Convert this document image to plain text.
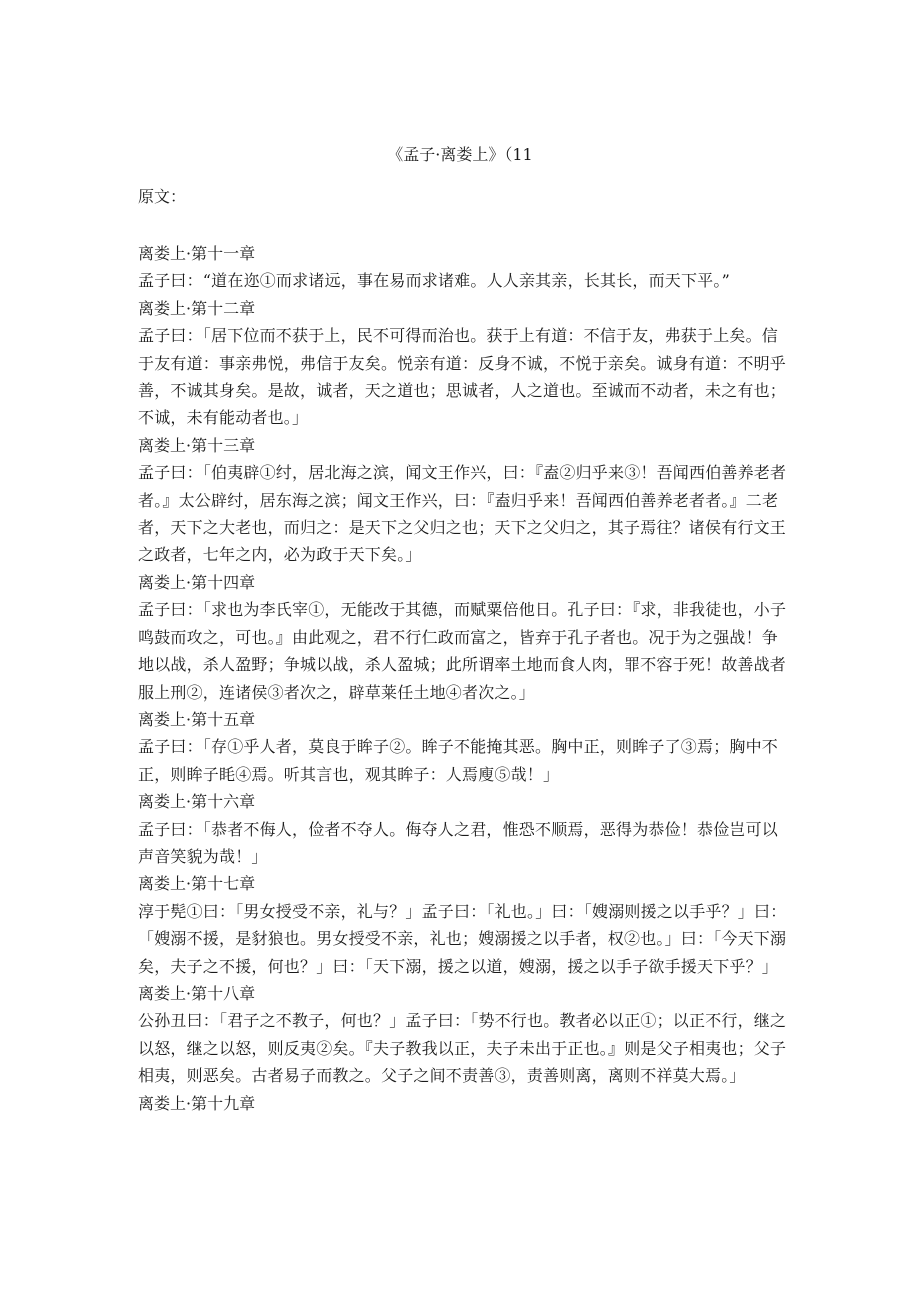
《孟子·离娄上》（11
原文：

离娄上·第十一章

孟子曰：“道在迩①而求诸远，事在易而求诸难。人人亲其亲，长其长，而天下平。”

离娄上·第十二章

孟子曰：「居下位而不获于上，民不可得而治也。获于上有道：不信于友，弗获于上矣。信于友有道：事亲弗悦，弗信于友矣。悦亲有道：反身不诚，不悦于亲矣。诚身有道：不明乎善，不诚其身矣。是故，诚者，天之道也；思诚者，人之道也。至诚而不动者，未之有也；不诚，未有能动者也。」

离娄上·第十三章

孟子曰：「伯夷辟①纣，居北海之滨，闻文王作兴，曰：『盍②归乎来③！吾闻西伯善养老者者。』太公辟纣，居东海之滨；闻文王作兴，曰：『盍归乎来！吾闻西伯善养老者者。』二老者，天下之大老也，而归之：是天下之父归之也；天下之父归之，其子焉往？诸侯有行文王之政者，七年之内，必为政于天下矣。」

离娄上·第十四章

孟子曰：「求也为李氏宰①，无能改于其德，而赋粟倍他日。孔子曰：『求，非我徒也，小子鸣鼓而攻之，可也。』由此观之，君不行仁政而富之，皆弃于孔子者也。况于为之强战！争地以战，杀人盈野；争城以战，杀人盈城；此所谓率土地而食人肉，罪不容于死！故善战者服上刑②，连诸侯③者次之，辟草莱任土地④者次之。」

离娄上·第十五章

孟子曰：「存①乎人者，莫良于眸子②。眸子不能掩其恶。胸中正，则眸子了③焉；胸中不正，则眸子眊④焉。听其言也，观其眸子：人焉廋⑤哉！」

离娄上·第十六章

孟子曰：「恭者不侮人，俭者不夺人。侮夺人之君，惟恐不顺焉，恶得为恭俭！恭俭岂可以声音笑貌为哉！」

离娄上·第十七章

淳于髡①曰：「男女授受不亲，礼与？」孟子曰：「礼也。」曰：「嫂溺则援之以手乎？」曰：「嫂溺不援，是豺狼也。男女授受不亲，礼也；嫂溺援之以手者，权②也。」曰：「今天下溺矣，夫子之不援，何也？」曰：「天下溺，援之以道，嫂溺，援之以手子欲手援天下乎？」

离娄上·第十八章

公孙丑曰：「君子之不教子，何也？」孟子曰：「势不行也。教者必以正①；以正不行，继之以怒，继之以怒，则反夷②矣。『夫子教我以正，夫子未出于正也。』则是父子相夷也；父子相夷，则恶矣。古者易子而教之。父子之间不责善③，责善则离，离则不祥莫大焉。」

离娄上·第十九章
